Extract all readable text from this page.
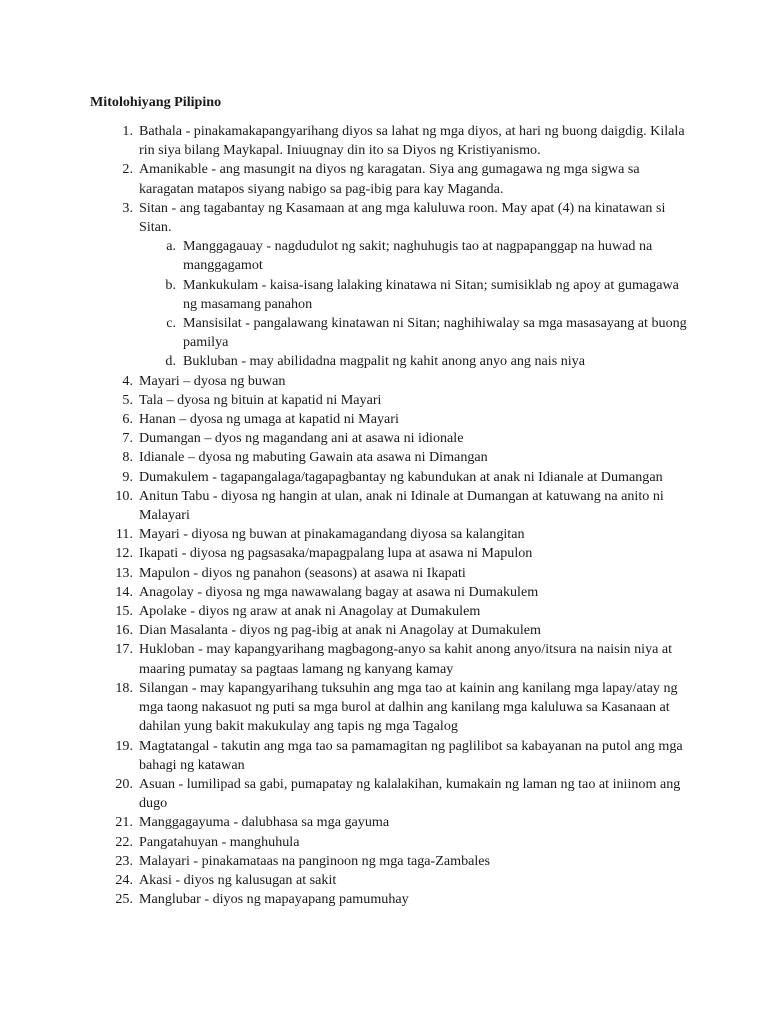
Mitolohiyang Pilipino
1. Bathala - pinakamakapangyarihang diyos sa lahat ng mga diyos, at hari ng buong daigdig. Kilala rin siya bilang Maykapal. Iniuugnay din ito sa Diyos ng Kristiyanismo.
2. Amanikable - ang masungit na diyos ng karagatan. Siya ang gumagawa ng mga sigwa sa karagatan matapos siyang nabigo sa pag-ibig para kay Maganda.
3. Sitan - ang tagabantay ng Kasamaan at ang mga kaluluwa roon. May apat (4) na kinatawan si Sitan.
a. Manggagauay - nagdudulot ng sakit; naghuhugis tao at nagpapanggap na huwad na manggagamot
b. Mankukulam - kaisa-isang lalaking kinatawa ni Sitan; sumisiklab ng apoy at gumagawa ng masamang panahon
c. Mansisilat - pangalawang kinatawan ni Sitan; naghihiwalay sa mga masasayang at buong pamilya
d. Bukluban - may abilidadna magpalit ng kahit anong anyo ang nais niya
4. Mayari – dyosa ng buwan
5. Tala – dyosa ng bituin at kapatid ni Mayari
6. Hanan – dyosa ng umaga at kapatid ni Mayari
7. Dumangan – dyos ng magandang ani at asawa ni idionale
8. Idianale – dyosa ng mabuting Gawain ata asawa ni Dimangan
9. Dumakulem - tagapangalaga/tagapagbantay ng kabundukan at anak ni Idianale at Dumangan
10. Anitun Tabu - diyosa ng hangin at ulan, anak ni Idinale at Dumangan at katuwang na anito ni Malayari
11. Mayari - diyosa ng buwan at pinakamagandang diyosa sa kalangitan
12. Ikapati - diyosa ng pagsasaka/mapagpalang lupa at asawa ni Mapulon
13. Mapulon - diyos ng panahon (seasons) at asawa ni Ikapati
14. Anagolay - diyosa ng mga nawawalang bagay at asawa ni Dumakulem
15. Apolake - diyos ng araw at anak ni Anagolay at Dumakulem
16. Dian Masalanta - diyos ng pag-ibig at anak ni Anagolay at Dumakulem
17. Hukloban - may kapangyarihang magbagong-anyo sa kahit anong anyo/itsura na naisin niya at maaring pumatay sa pagtaas lamang ng kanyang kamay
18. Silangan - may kapangyarihang tuksuhin ang mga tao at kainin ang kanilang mga lapay/atay ng mga taong nakasuot ng puti sa mga burol at dalhin ang kanilang mga kaluluwa sa Kasanaan at dahilan yung bakit makukulay ang tapis ng mga Tagalog
19. Magtatangal - takutin ang mga tao sa pamamagitan ng paglilibot sa kabayanan na putol ang mga bahagi ng katawan
20. Asuan - lumilipad sa gabi, pumapatay ng kalalakihan, kumakain ng laman ng tao at iniinom ang dugo
21. Manggagayuma - dalubhasa sa mga gayuma
22. Pangatahuyan - manghuhula
23. Malayari - pinakamataas na panginoon ng mga taga-Zambales
24. Akasi - diyos ng kalusugan at sakit
25. Manglubar - diyos ng mapayapang pamumuhay
